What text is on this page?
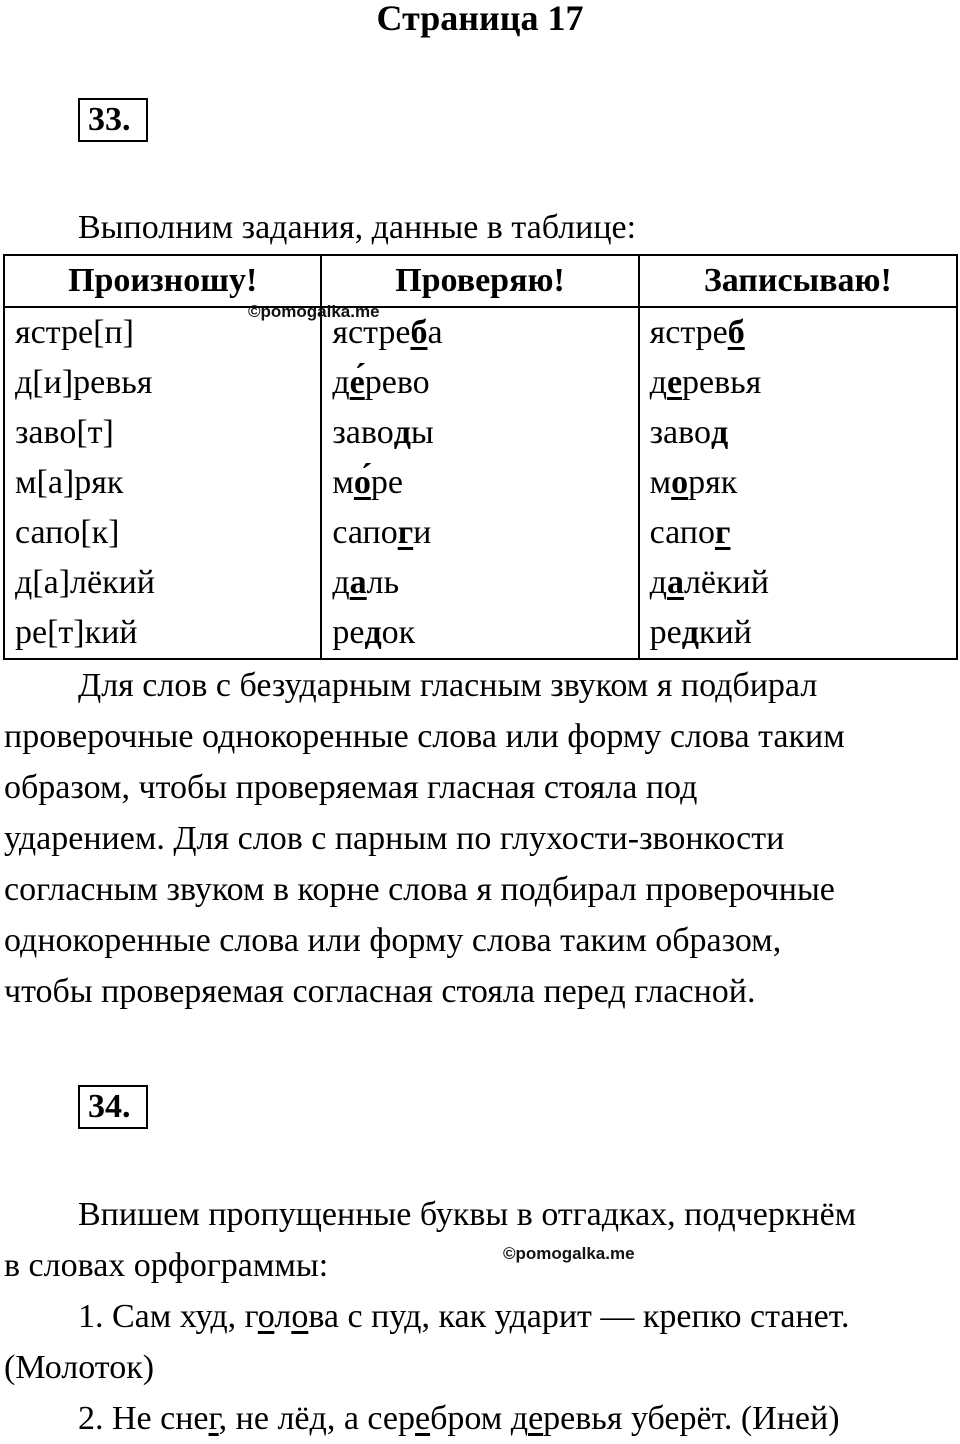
Страница 17
33.

Выполним задания, данные в таблице:

Произношу!	Проверяю!	Записываю!
ястре[п]	ястреба	ястреб
д[и]ревья	де́рево	деревья
заво[т]	заводы	завод
м[а]ряк	мо́ре	моряк
сапо[к]	сапоги	сапог
д[а]лёкий	даль	далёкий
ре[т]кий	редок	редкий
©pomogalka.me

Для слов с безударным гласным звуком я подбирал

проверочные однокоренные слова или форму слова таким

образом, чтобы проверяемая гласная стояла под

ударением. Для слов с парным по глухости-звонкости

согласным звуком в корне слова я подбирал проверочные

однокоренные слова или форму слова таким образом,

чтобы проверяемая согласная стояла перед гласной.

34.

Впишем пропущенные буквы в отгадках, подчеркнём

в словах орфограммы:	©pomogalka.me

1. Сам худ, голова с пуд, как ударит — крепко станет.

(Молоток)

2. Не снег, не лёд, а серебром деревья уберёт. (Иней)
